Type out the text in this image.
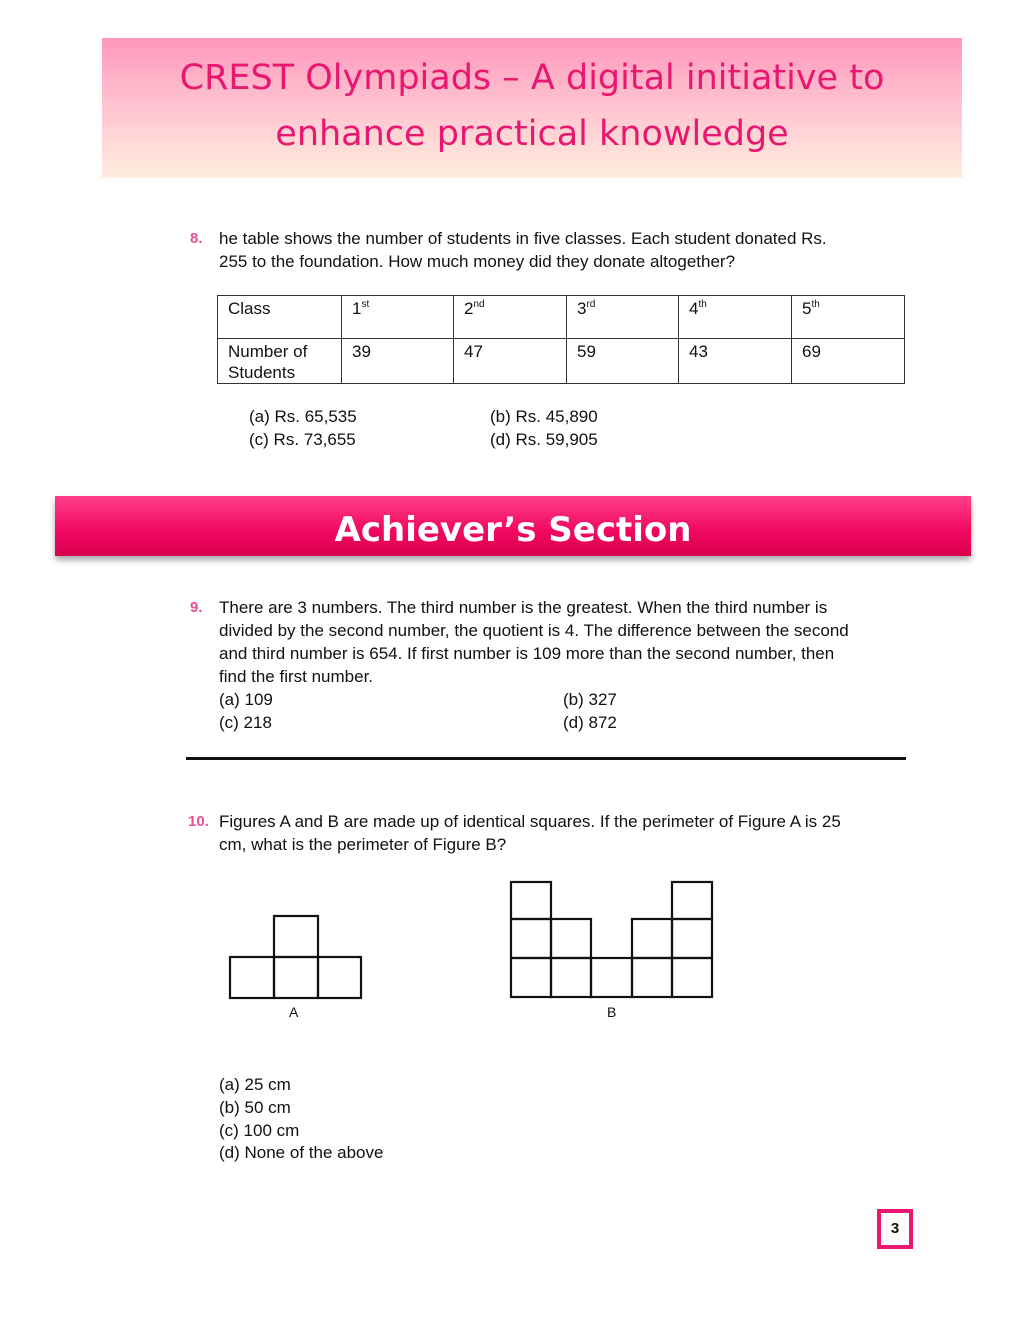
CREST Olympiads – A digital initiative to
enhance practical knowledge
8. he table shows the number of students in five classes. Each student donated Rs.
255 to the foundation. How much money did they donate altogether?
Class	1st	2nd	3rd	4th	5th

Number of
Students	39	47	59	43	69
(a) Rs. 65,535	(b) Rs. 45,890
(c) Rs. 73,655	(d) Rs. 59,905
Achiever’s Section
9. There are 3 numbers. The third number is the greatest. When the third number is
divided by the second number, the quotient is 4. The difference between the second
and third number is 654. If first number is 109 more than the second number, then
find the first number.
(a) 109	(b) 327
(c) 218	(d) 872
10. Figures A and B are made up of identical squares. If the perimeter of Figure A is 25
cm, what is the perimeter of Figure B?
A	B
(a) 25 cm
(b) 50 cm
(c) 100 cm
(d) None of the above
3
